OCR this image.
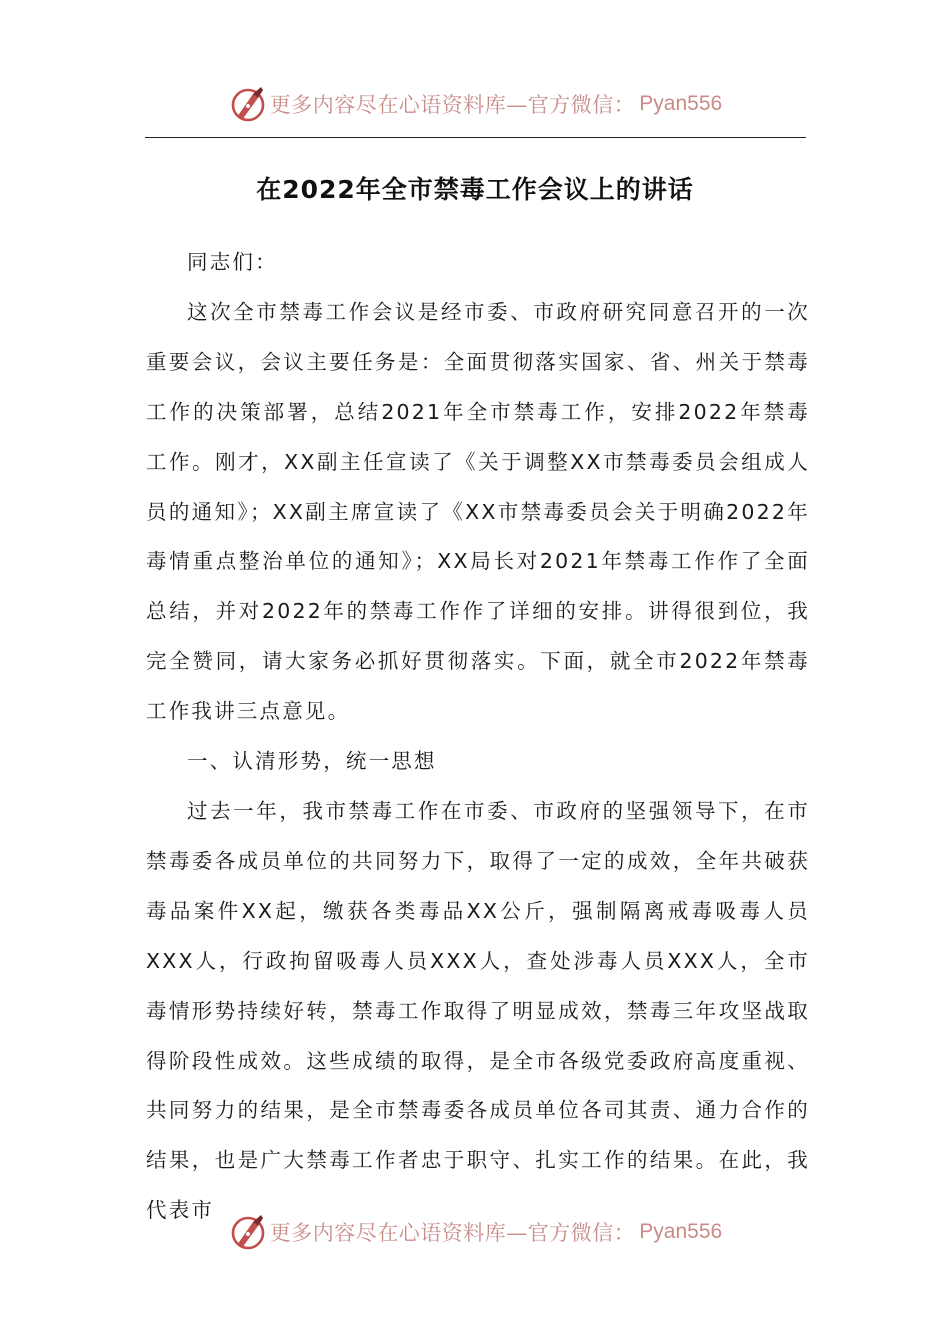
更多内容尽在心语资料库—官方微信： Pyan556
在2022年全市禁毒工作会议上的讲话

同志们：

这次全市禁毒工作会议是经市委、市政府研究同意召开的一次重要会议，会议主要任务是：全面贯彻落实国家、省、州关于禁毒工作的决策部署，总结2021年全市禁毒工作，安排2022年禁毒工作。刚才，XX副主任宣读了《关于调整XX市禁毒委员会组成人员的通知》；XX副主席宣读了《XX市禁毒委员会关于明确2022年毒情重点整治单位的通知》；XX局长对2021年禁毒工作作了全面总结，并对2022年的禁毒工作作了详细的安排。讲得很到位，我完全赞同，请大家务必抓好贯彻落实。下面，就全市2022年禁毒工作我讲三点意见。

一、认清形势，统一思想

过去一年，我市禁毒工作在市委、市政府的坚强领导下，在市禁毒委各成员单位的共同努力下，取得了一定的成效，全年共破获毒品案件XX起，缴获各类毒品XX公斤，强制隔离戒毒吸毒人员XXX人，行政拘留吸毒人员XXX人，查处涉毒人员XXX人，全市毒情形势持续好转，禁毒工作取得了明显成效，禁毒三年攻坚战取得阶段性成效。这些成绩的取得，是全市各级党委政府高度重视、共同努力的结果，是全市禁毒委各成员单位各司其责、通力合作的结果，也是广大禁毒工作者忠于职守、扎实工作的结果。在此，我代表市

更多内容尽在心语资料库—官方微信： Pyan556
